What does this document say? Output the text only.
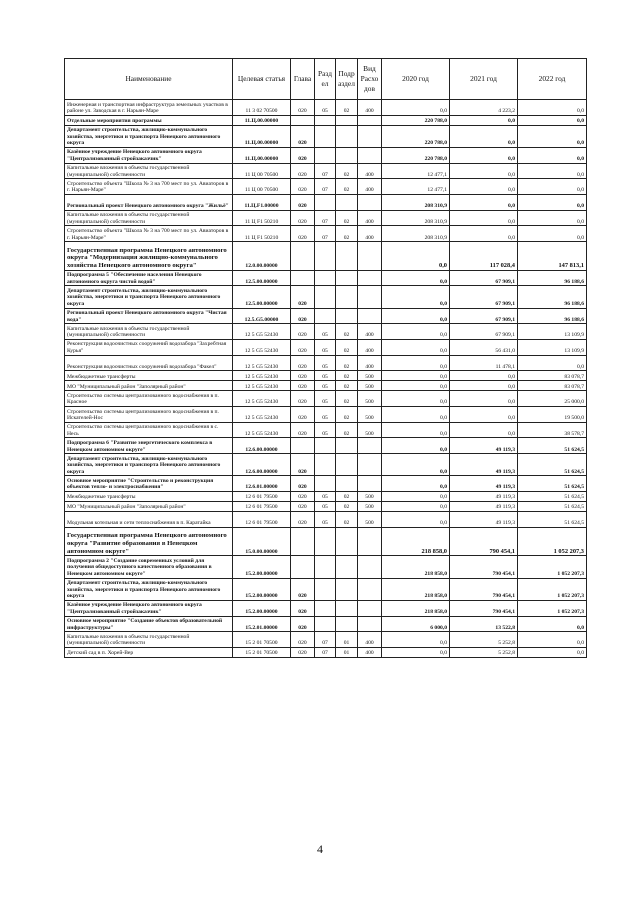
Наименование	Целевая статья	Глава	Разд ел	Подр аздел	Вид Расхо дов	2020 год	2021 год	2022 год
Инженерная и транспортная инфраструктура земельных участков в районе ул. Заводская в г. Нарьян-Маре	11 3 02 70500	020	05	02	400	0,0	4 223,2	0,0
Отдельные мероприятия программы	11.Ц.00.00000					220 788,0	0,0	0,0
Департамент строительства, жилищно-коммунального хозяйства, энергетики и транспорта Ненецкого автономного округа	11.Ц.00.00000	020				220 788,0	0,0	0,0
Казённое учреждение Ненецкого автономного округа "Централизованный стройзаказчик"	11.Ц.00.00000	020				220 788,0	0,0	0,0
Капитальные вложения в объекты государственной (муниципальной) собственности	11 Ц 00 70500	020	07	02	400	12 477,1	0,0	0,0
Строительство объекта "Школа № 3 на 700 мест по ул. Авиаторов в г. Нарьян-Маре"	11 Ц 00 70500	020	07	02	400	12 477,1	0,0	0,0
Региональный проект Ненецкого автономного округа "Жильё"	11.Ц.F1.00000	020				208 310,9	0,0	0,0
Капитальные вложения в объекты государственной (муниципальной) собственности	11 Ц F1 50210	020	07	02	400	208 310,9	0,0	0,0
Строительство объекта "Школа № 3 на 700 мест по ул. Авиаторов в г. Нарьян-Маре"	11 Ц F1 50210	020	07	02	400	208 310,9	0,0	0,0
Государственная программа Ненецкого автономного округа "Модернизация жилищно-коммунального хозяйства Ненецкого автономного округа"	12.0.00.00000					0,0	117 028,4	147 813,1
Подпрограмма 5 "Обеспечение населения Ненецкого автономного округа чистой водой"	12.5.00.00000					0,0	67 909,1	96 188,6
Департамент строительства, жилищно-коммунального хозяйства, энергетики и транспорта Ненецкого автономного округа	12.5.00.00000	020				0,0	67 909,1	96 188,6
Региональный проект Ненецкого автономного округа "Чистая вода"	12.5.G5.00000	020				0,0	67 909,1	96 188,6
Капитальные вложения в объекты государственной (муниципальной) собственности	12 5 G5 52430	020	05	02	400	0,0	67 909,1	13 109,9
Реконструкция водоочистных сооружений водозабора "Захребтная Курья"	12 5 G5 52430	020	05	02	400	0,0	56 431,0	13 109,9
Реконструкция водоочистных сооружений водозабора "Факел"	12 5 G5 52430	020	05	02	400	0,0	11 478,1	0,0
Межбюджетные трансферты	12 5 G5 52430	020	05	02	500	0,0	0,0	83 078,7
МО "Муниципальный район "Заполярный район"	12 5 G5 52430	020	05	02	500	0,0	0,0	83 078,7
Строительство системы централизованного водоснабжения в п. Красное	12 5 G5 52430	020	05	02	500	0,0	0,0	25 000,0
Строительство системы централизованного водоснабжения в п. Искателей-Нос	12 5 G5 52430	020	05	02	500	0,0	0,0	19 500,0
Строительство системы централизованного водоснабжения в с. Несь	12 5 G5 52430	020	05	02	500	0,0	0,0	38 578,7
Подпрограмма 6 "Развитие энергетического комплекса в Ненецком автономном округе"	12.6.00.00000					0,0	49 119,3	51 624,5
Департамент строительства, жилищно-коммунального хозяйства, энергетики и транспорта Ненецкого автономного округа	12.6.00.00000	020				0,0	49 119,3	51 624,5
Основное мероприятие "Строительство и реконструкция объектов тепло- и электроснабжения"	12.6.01.00000	020				0,0	49 119,3	51 624,5
Межбюджетные трансферты	12 6 01 79500	020	05	02	500	0,0	49 119,3	51 624,5
МО "Муниципальный район "Заполярный район"	12 6 01 79500	020	05	02	500	0,0	49 119,3	51 624,5
Модульная котельная и сети теплоснабжения в п. Каратайка	12 6 01 79500	020	05	02	500	0,0	49 119,3	51 624,5
Государственная программа Ненецкого автономного округа "Развитие образования в Ненецком автономном округе"	15.0.00.00000					218 858,0	790 454,1	1 052 207,3
Подпрограмма 2 "Создание современных условий для получения общедоступного качественного образования в Ненецком автономном округе"	15.2.00.00000					218 858,0	790 454,1	1 052 207,3
Департамент строительства, жилищно-коммунального хозяйства, энергетики и транспорта Ненецкого автономного округа	15.2.00.00000	020				218 858,0	790 454,1	1 052 207,3
Казённое учреждение Ненецкого автономного округа "Централизованный стройзаказчик"	15.2.00.00000	020				218 858,0	790 454,1	1 052 207,3
Основное мероприятие "Создание объектов образовательной инфраструктуры"	15.2.01.00000	020				6 000,0	13 522,8	0,0
Капитальные вложения в объекты государственной (муниципальной) собственности	15 2 01 70500	020	07	01	400	0,0	5 252,8	0,0
Детский сад в п. Хорей-Вер	15 2 01 70500	020	07	01	400	0,0	5 252,8	0,0
4
